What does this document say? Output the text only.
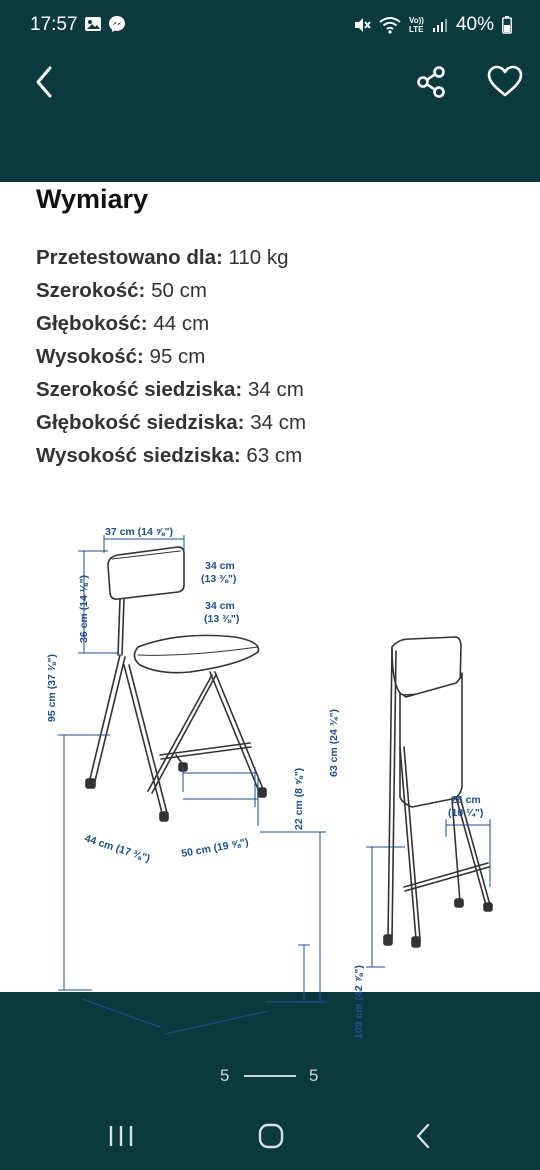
17:57	Vo))
LTE 40%
Wymiary
Przetestowano dla: 110 kg
Szerokość: 50 cm
Głębokość: 44 cm
Wysokość: 95 cm
Szerokość siedziska: 34 cm
Głębokość siedziska: 34 cm
Wysokość siedziska: 63 cm
37 cm (14 ⅝")
34 cm
(13 ⅜")
34 cm
(13 ⅜")
36 cm (14 ⅛")
95 cm (37 ⅜")
63 cm (24 ¾")
22 cm (8 ⅝")
44 cm (17 ⅜")	50 cm (19 ⅝")
26 cm
(10 ¼")
109 cm (42 ⅞")
5	5
